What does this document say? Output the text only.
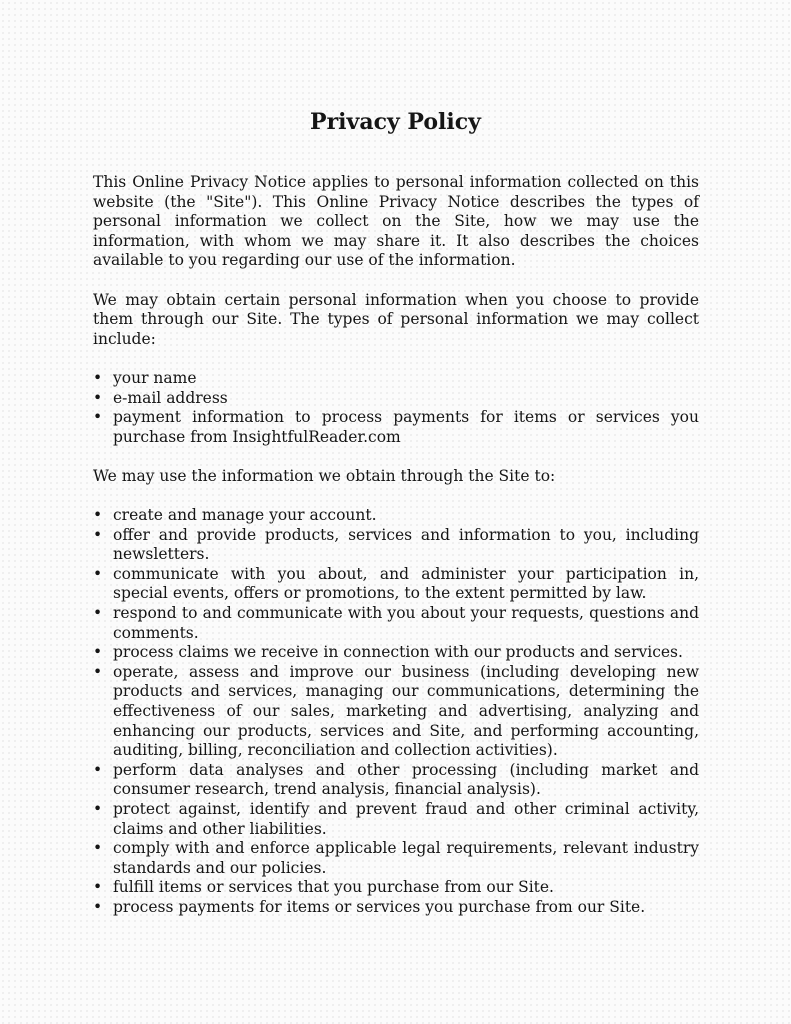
Privacy Policy

This Online Privacy Notice applies to personal information collected on this website (the "Site"). This Online Privacy Notice describes the types of personal information we collect on the Site, how we may use the information, with whom we may share it. It also describes the choices available to you regarding our use of the information.

We may obtain certain personal information when you choose to provide them through our Site. The types of personal information we may collect include:

• your name
• e-mail address
• payment information to process payments for items or services you purchase from InsightfulReader.com

We may use the information we obtain through the Site to:

• create and manage your account.
• offer and provide products, services and information to you, including newsletters.
• communicate with you about, and administer your participation in, special events, offers or promotions, to the extent permitted by law.
• respond to and communicate with you about your requests, questions and comments.
• process claims we receive in connection with our products and services.
• operate, assess and improve our business (including developing new products and services, managing our communications, determining the effectiveness of our sales, marketing and advertising, analyzing and enhancing our products, services and Site, and performing accounting, auditing, billing, reconciliation and collection activities).
• perform data analyses and other processing (including market and consumer research, trend analysis, financial analysis).
• protect against, identify and prevent fraud and other criminal activity, claims and other liabilities.
• comply with and enforce applicable legal requirements, relevant industry standards and our policies.
• fulfill items or services that you purchase from our Site.
• process payments for items or services you purchase from our Site.
